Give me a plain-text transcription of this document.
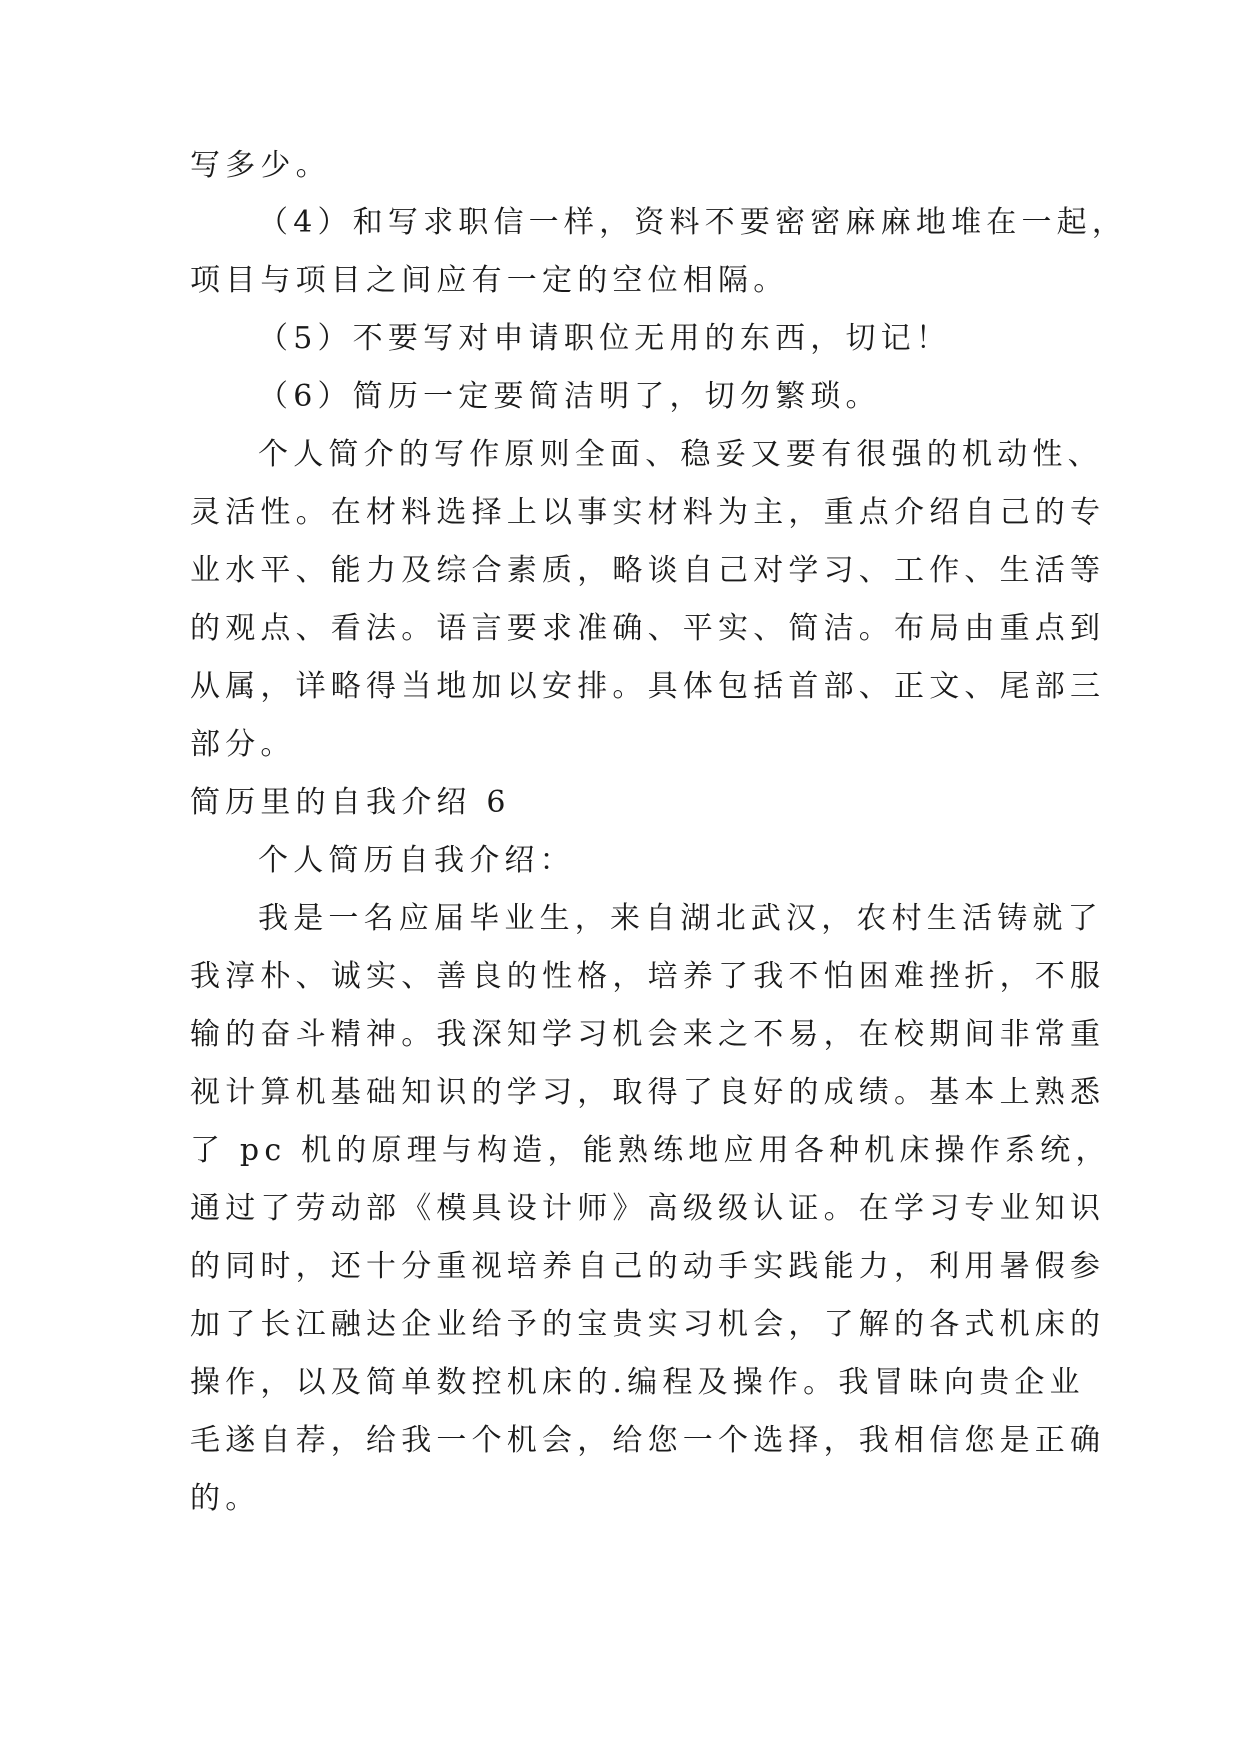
写多少。
（4）和写求职信一样，资料不要密密麻麻地堆在一起，
项目与项目之间应有一定的空位相隔。
（5）不要写对申请职位无用的东西，切记！
（6）简历一定要简洁明了，切勿繁琐。
个人简介的写作原则全面、稳妥又要有很强的机动性、
灵活性。在材料选择上以事实材料为主，重点介绍自己的专
业水平、能力及综合素质，略谈自己对学习、工作、生活等
的观点、看法。语言要求准确、平实、简洁。布局由重点到
从属，详略得当地加以安排。具体包括首部、正文、尾部三
部分。
简历里的自我介绍 6
个人简历自我介绍：
我是一名应届毕业生，来自湖北武汉，农村生活铸就了
我淳朴、诚实、善良的性格，培养了我不怕困难挫折，不服
输的奋斗精神。我深知学习机会来之不易，在校期间非常重
视计算机基础知识的学习，取得了良好的成绩。基本上熟悉
了 pc 机的原理与构造，能熟练地应用各种机床操作系统，
通过了劳动部《模具设计师》高级级认证。在学习专业知识
的同时，还十分重视培养自己的动手实践能力，利用暑假参
加了长江融达企业给予的宝贵实习机会，了解的各式机床的
操作，以及简单数控机床的.编程及操作。我冒昧向贵企业
毛遂自荐，给我一个机会，给您一个选择，我相信您是正确
的。
